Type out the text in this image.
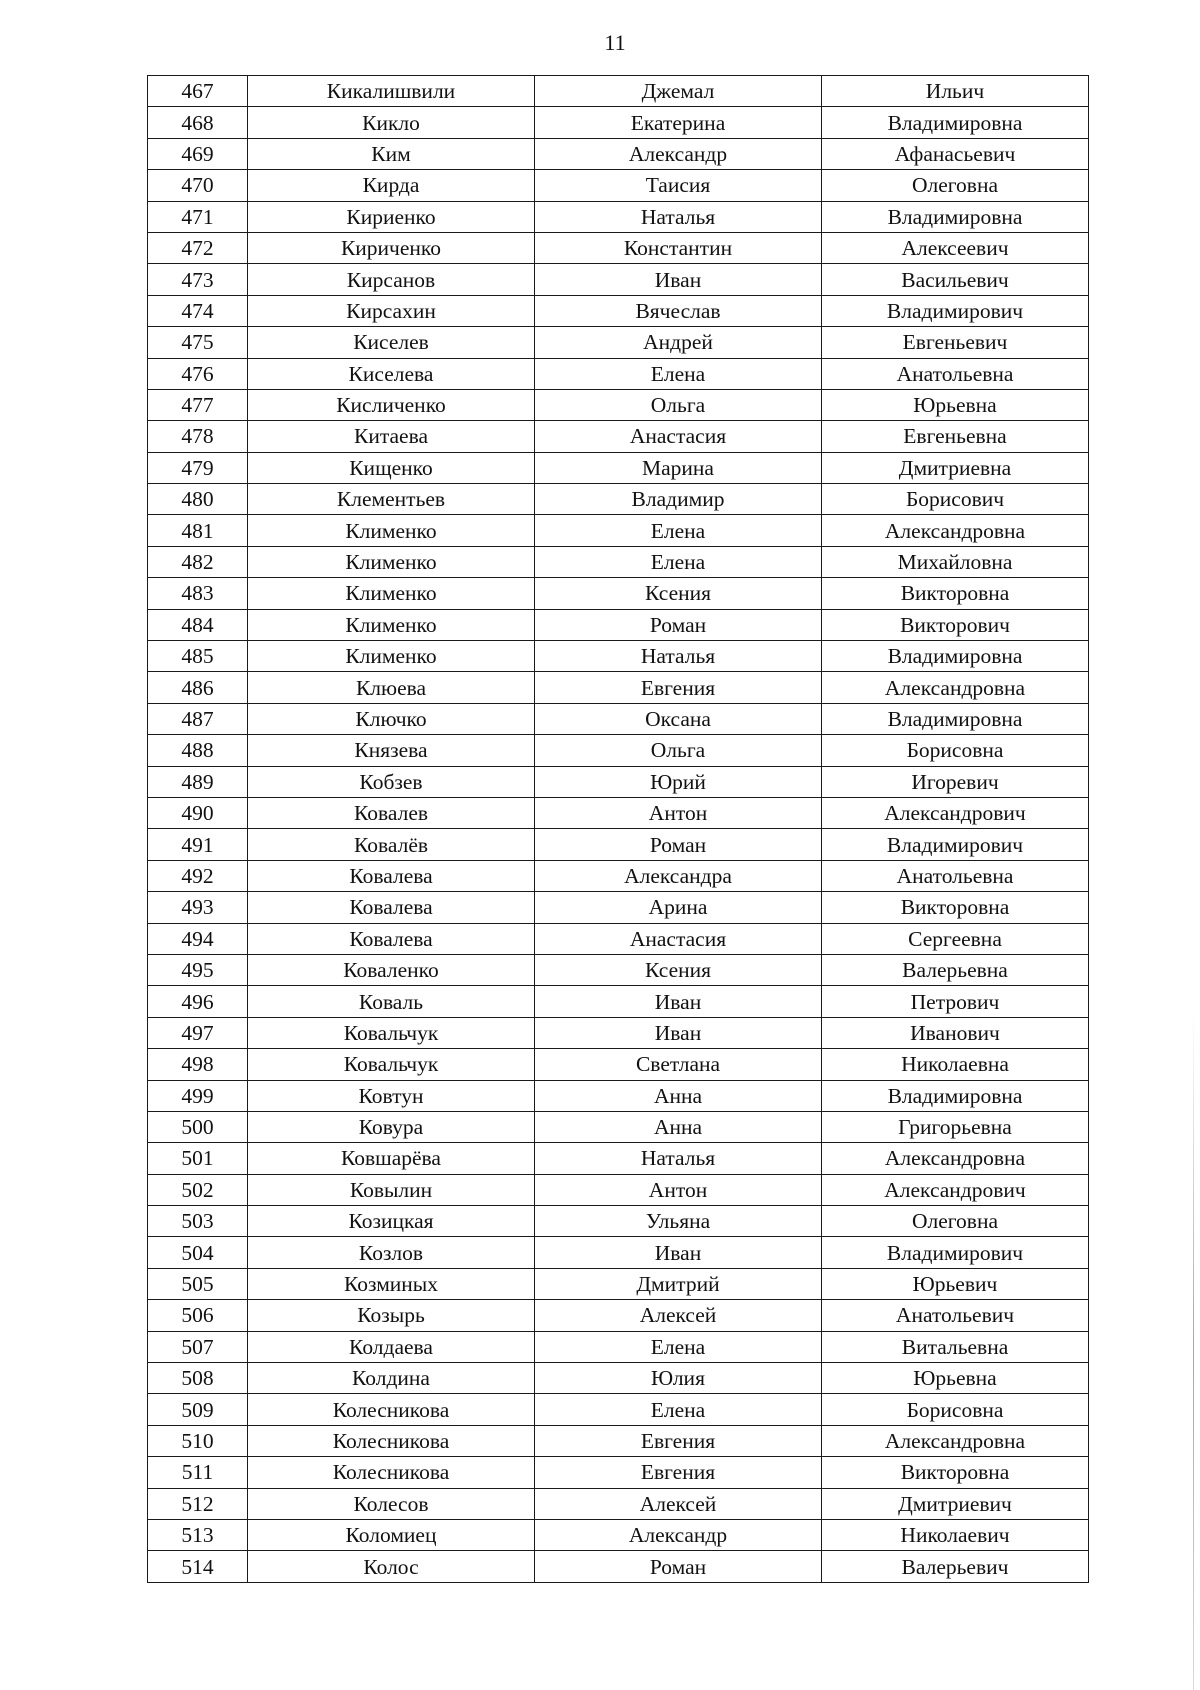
11
467	Кикалишвили	Джемал	Ильич
468	Кикло	Екатерина	Владимировна
469	Ким	Александр	Афанасьевич
470	Кирда	Таисия	Олеговна
471	Кириенко	Наталья	Владимировна
472	Кириченко	Константин	Алексеевич
473	Кирсанов	Иван	Васильевич
474	Кирсахин	Вячеслав	Владимирович
475	Киселев	Андрей	Евгеньевич
476	Киселева	Елена	Анатольевна
477	Кисличенко	Ольга	Юрьевна
478	Китаева	Анастасия	Евгеньевна
479	Кищенко	Марина	Дмитриевна
480	Клементьев	Владимир	Борисович
481	Клименко	Елена	Александровна
482	Клименко	Елена	Михайловна
483	Клименко	Ксения	Викторовна
484	Клименко	Роман	Викторович
485	Клименко	Наталья	Владимировна
486	Клюева	Евгения	Александровна
487	Ключко	Оксана	Владимировна
488	Князева	Ольга	Борисовна
489	Кобзев	Юрий	Игоревич
490	Ковалев	Антон	Александрович
491	Ковалёв	Роман	Владимирович
492	Ковалева	Александра	Анатольевна
493	Ковалева	Арина	Викторовна
494	Ковалева	Анастасия	Сергеевна
495	Коваленко	Ксения	Валерьевна
496	Коваль	Иван	Петрович
497	Ковальчук	Иван	Иванович
498	Ковальчук	Светлана	Николаевна
499	Ковтун	Анна	Владимировна
500	Ковура	Анна	Григорьевна
501	Ковшарёва	Наталья	Александровна
502	Ковылин	Антон	Александрович
503	Козицкая	Ульяна	Олеговна
504	Козлов	Иван	Владимирович
505	Козминых	Дмитрий	Юрьевич
506	Козырь	Алексей	Анатольевич
507	Колдаева	Елена	Витальевна
508	Колдина	Юлия	Юрьевна
509	Колесникова	Елена	Борисовна
510	Колесникова	Евгения	Александровна
511	Колесникова	Евгения	Викторовна
512	Колесов	Алексей	Дмитриевич
513	Коломиец	Александр	Николаевич
514	Колос	Роман	Валерьевич
